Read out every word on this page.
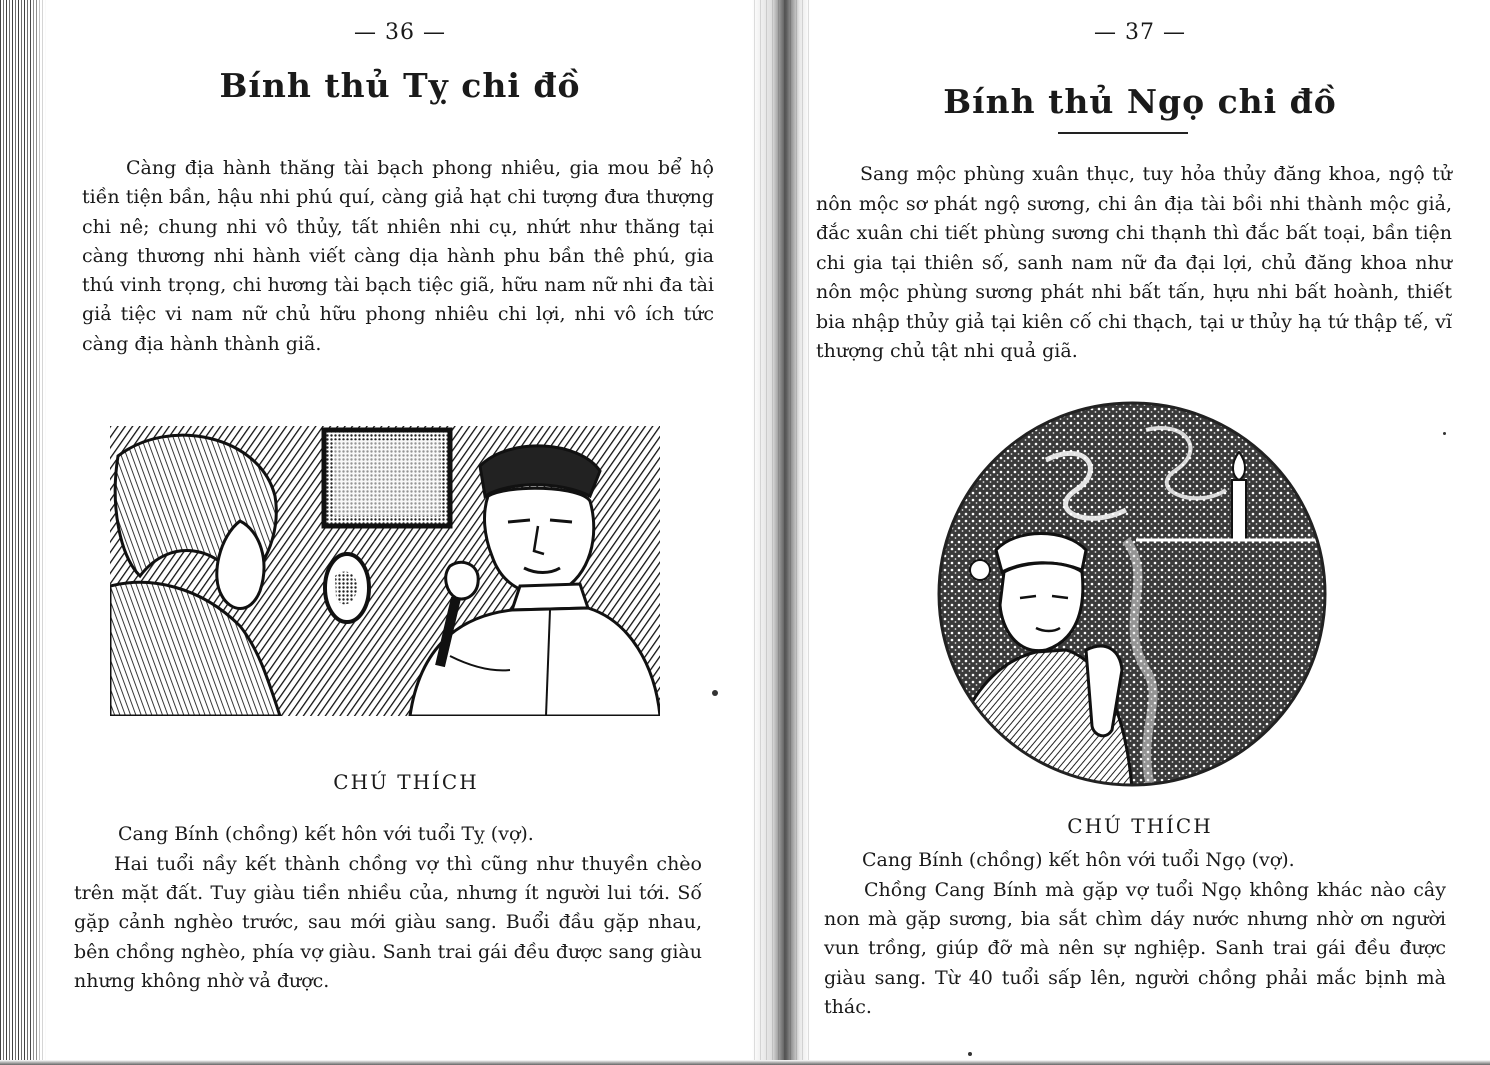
— 36 —
Bính thủ Tỵ chi đồ

Càng địa hành thăng tài bạch phong nhiêu, gia mou bể hộ tiền tiện bần, hậu nhi phú quí, càng giả hạt chi tượng đưa thượng chi nê; chung nhi vô thủy, tất nhiên nhi cụ, nhứt như thăng tại càng thương nhi hành viết càng dịa hành phu bần thê phú, gia thú vinh trọng, chi hương tài bạch tiệc giã, hữu nam nữ nhi đa tài giả tiệc vi nam nữ chủ hữu phong nhiêu chi lợi, nhi vô ích tức càng địa hành thành giã.

CHÚ THÍCH

Cang Bính (chồng) kết hôn với tuổi Tỵ (vợ).

Hai tuổi nầy kết thành chồng vợ thì cũng như thuyền chèo trên mặt đất. Tuy giàu tiền nhiều của, nhưng ít người lui tới. Số gặp cảnh nghèo trước, sau mới giàu sang. Buổi đầu gặp nhau, bên chồng nghèo, phía vợ giàu. Sanh trai gái đều được sang giàu nhưng không nhờ vả được.

— 37 —
Bính thủ Ngọ chi đồ

Sang mộc phùng xuân thục, tuy hỏa thủy đăng khoa, ngộ tử nôn mộc sơ phát ngộ sương, chi ân địa tài bồi nhi thành mộc giả, đắc xuân chi tiết phùng sương chi thạnh thì đắc bất toại, bần tiện chi gia tại thiên số, sanh nam nữ đa đại lợi, chủ đăng khoa như nôn mộc phùng sương phát nhi bất tấn, hựu nhi bất hoành, thiết bia nhập thủy giả tại kiên cố chi thạch, tại ư thủy hạ tứ thập tế, vĩ thượng chủ tật nhi quả giã.

CHÚ THÍCH

Cang Bính (chồng) kết hôn với tuổi Ngọ (vợ).

Chồng Cang Bính mà gặp vợ tuổi Ngọ không khác nào cây non mà gặp sương, bia sắt chìm dáy nước nhưng nhờ ơn người vun trồng, giúp đỡ mà nên sự nghiệp. Sanh trai gái đều được giàu sang. Từ 40 tuổi sấp lên, người chồng phải mắc bịnh mà thác.
